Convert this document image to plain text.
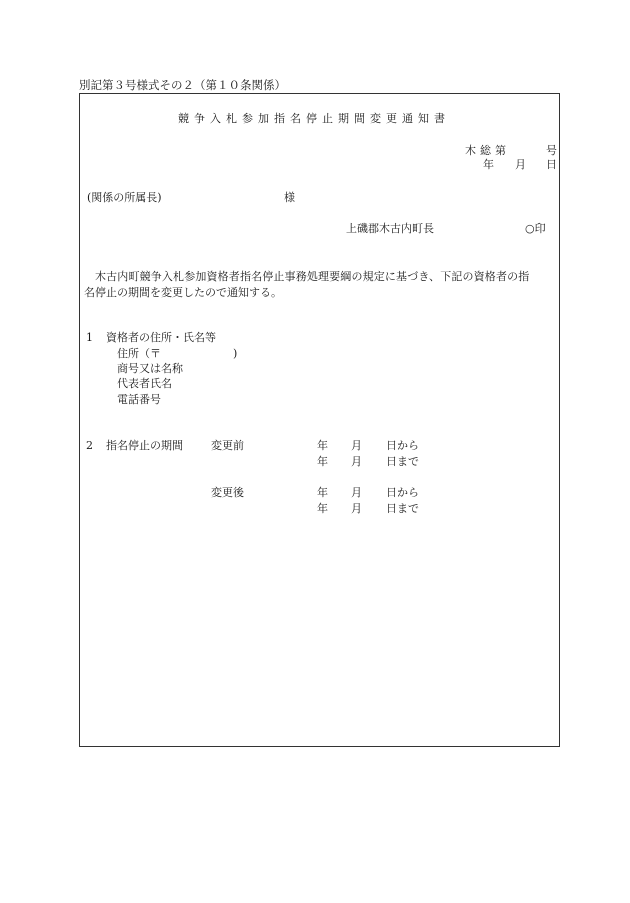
別記第３号様式その２（第１０条関係）
競争入札参加指名停止期間変更通知書
木総第	号
年 月 日
(関係の所属長)	様
上磯郡木古内町長	○印
木古内町競争入札参加資格者指名停止事務処理要綱の規定に基づき、下記の資格者の指
名停止の期間を変更したので通知する。
1 資格者の住所・氏名等
住所（〒	)
商号又は名称
代表者氏名
電話番号
2 指名停止の期間	変更前	年 月 日から
年 月 日まで
変更後	年 月 日から
年 月 日まで
